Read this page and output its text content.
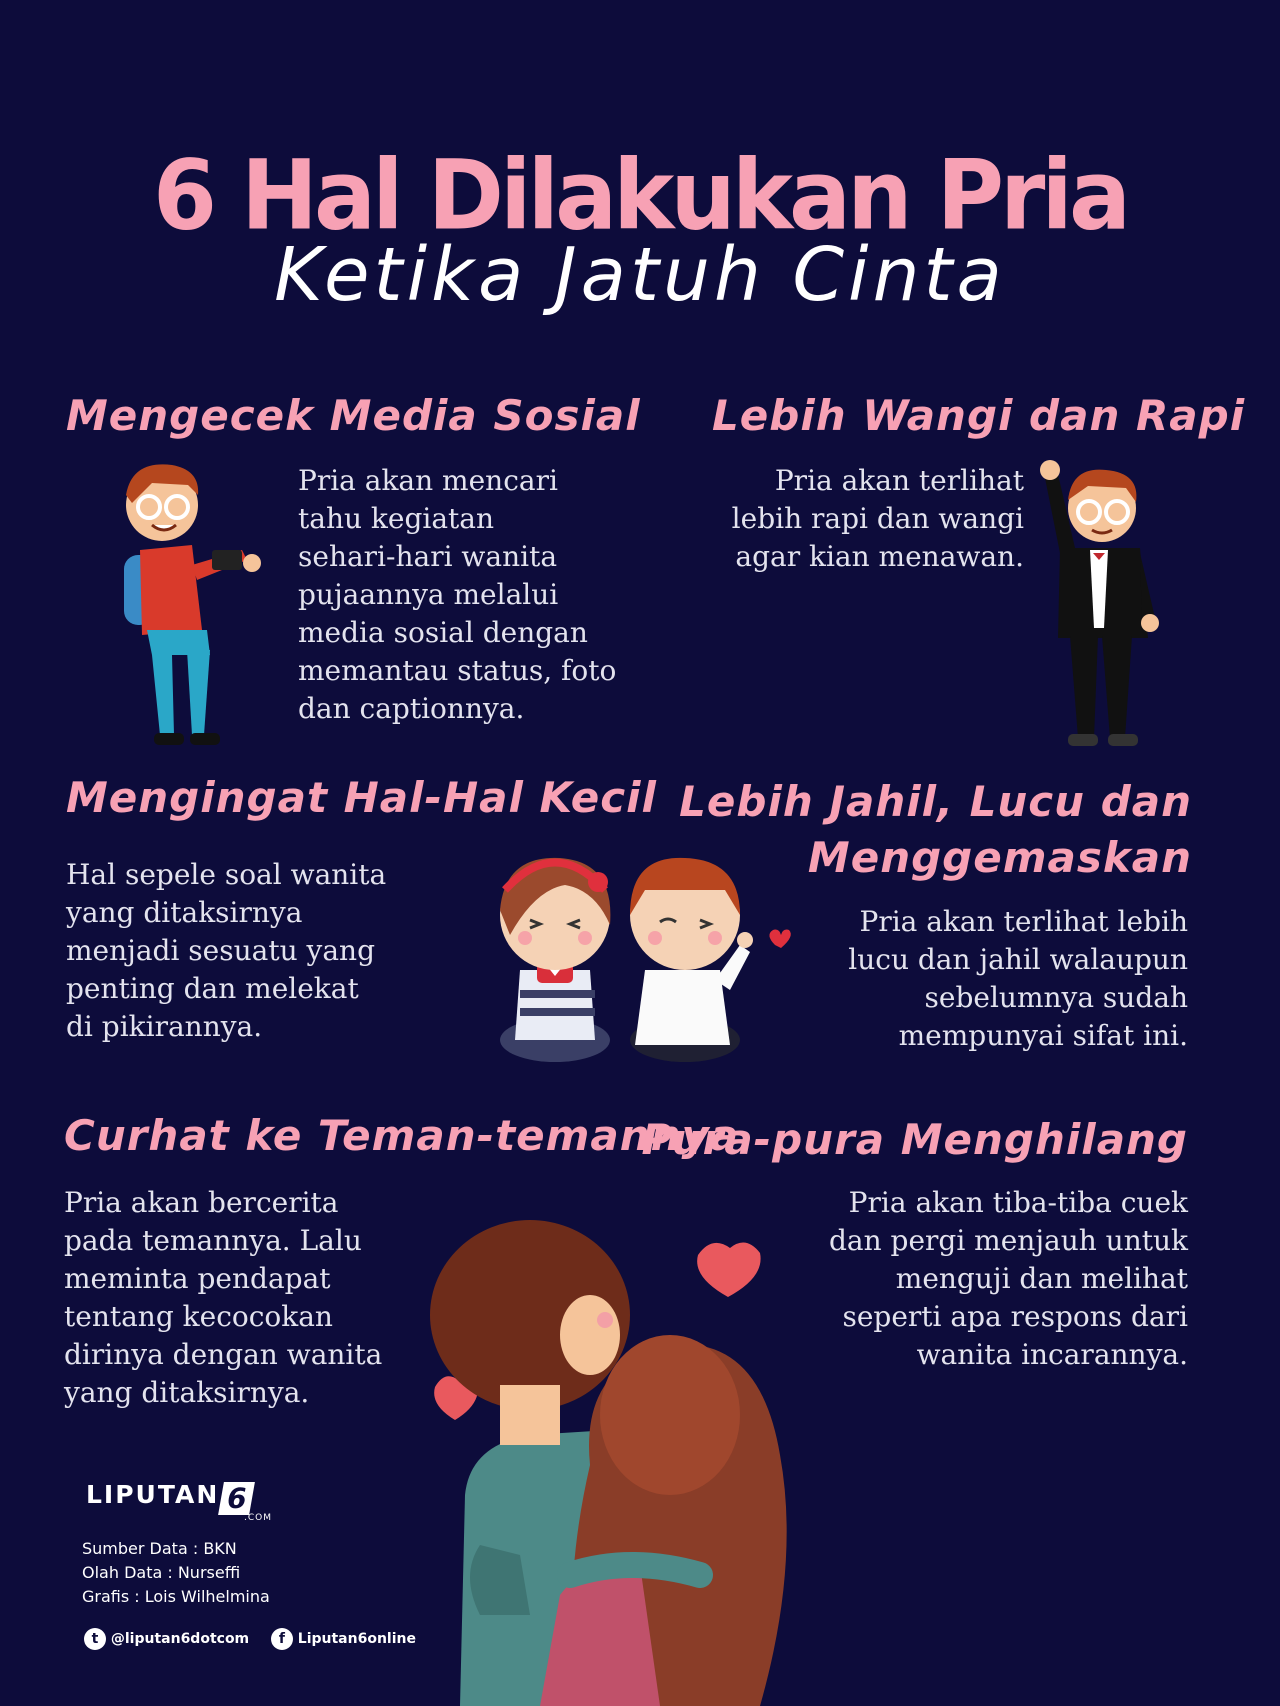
6 Hal Dilakukan Pria
Ketika Jatuh Cinta
Mengecek Media Sosial
Pria akan mencari
tahu kegiatan
sehari-hari wanita
pujaannya melalui
media sosial dengan
memantau status, foto
dan captionnya.
Lebih Wangi dan Rapi
Pria akan terlihat
lebih rapi dan wangi
agar kian menawan.
Mengingat Hal-Hal Kecil
Hal sepele soal wanita
yang ditaksirnya
menjadi sesuatu yang
penting dan melekat
di pikirannya.
Lebih Jahil, Lucu dan
Menggemaskan
Pria akan terlihat lebih
lucu dan jahil walaupun
sebelumnya sudah
mempunyai sifat ini.
Curhat ke Teman-temannya
Pria akan bercerita
pada temannya. Lalu
meminta pendapat
tentang kecocokan
dirinya dengan wanita
yang ditaksirnya.
Pura-pura Menghilang
Pria akan tiba-tiba cuek
dan pergi menjauh untuk
menguji dan melihat
seperti apa respons dari
wanita incarannya.
LIPUTAN 6
.COM
Sumber Data : BKN
Olah Data : Nurseffi
Grafis : Lois Wilhelmina
t @liputan6dotcom f Liputan6online
